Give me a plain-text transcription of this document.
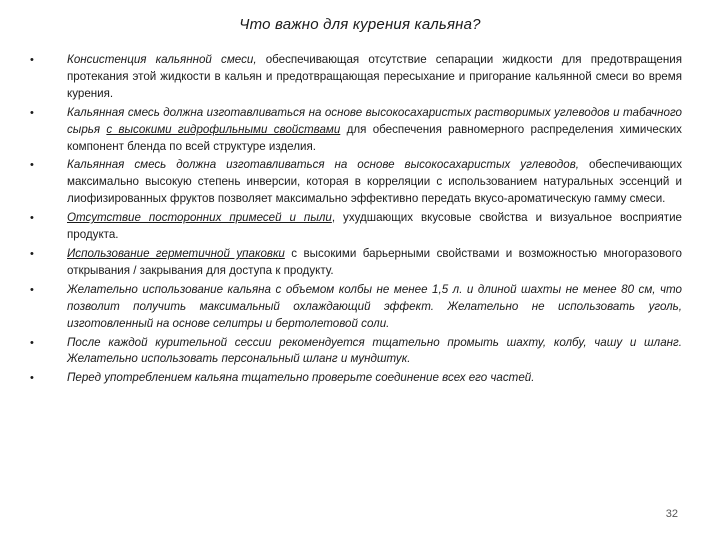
Что важно для курения кальяна?
• Консистенция кальянной смеси, обеспечивающая отсутствие сепарации жидкости для предотвращения протекания этой жидкости в кальян и предотвращающая пересыхание и пригорание кальянной смеси во время курения.
• Кальянная смесь должна изготавливаться на основе высокосахаристых растворимых углеводов и табачного сырья с высокими гидрофильными свойствами для обеспечения равномерного распределения химических компонент бленда по всей структуре изделия.
• Кальянная смесь должна изготавливаться на основе высокосахаристых углеводов, обеспечивающих максимально высокую степень инверсии, которая в корреляции с использованием натуральных эссенций и лиофизированных фруктов позволяет максимально эффективно передать вкусо-ароматическую гамму смеси.
• Отсутствие посторонних примесей и пыли, ухудшающих вкусовые свойства и визуальное восприятие продукта.
• Использование герметичной упаковки с высокими барьерными свойствами и возможностью многоразового открывания / закрывания для доступа к продукту.
• Желательно использование кальяна с объемом колбы не менее 1,5 л. и длиной шахты не менее 80 см, что позволит получить максимальный охлаждающий эффект. Желательно не использовать уголь, изготовленный на основе селитры и бертолетовой соли.
• После каждой курительной сессии рекомендуется тщательно промыть шахту, колбу, чашу и шланг. Желательно использовать персональный шланг и мундштук.
• Перед употреблением кальяна тщательно проверьте соединение всех его частей.
32
